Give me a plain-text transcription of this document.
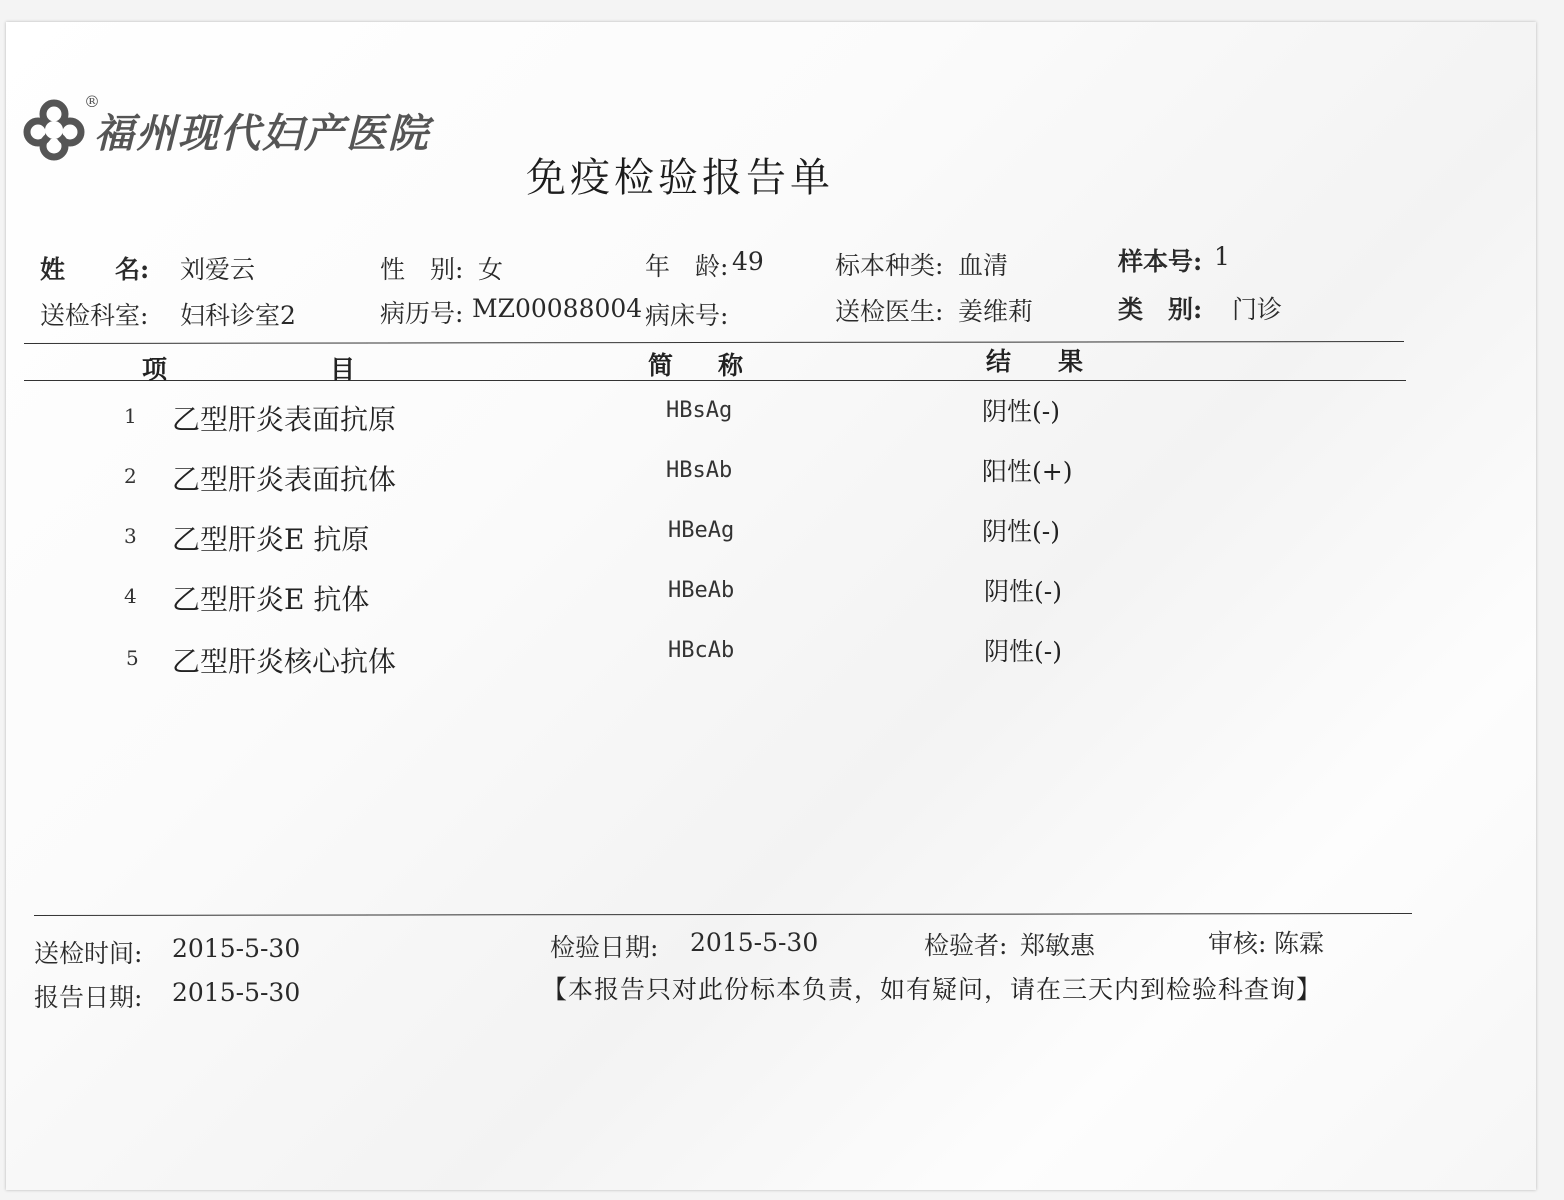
®
福州现代妇产医院
免疫检验报告单
姓　　名: 刘爱云	性　别: 女	年　龄: 49	标本种类: 血清	样本号: 1
送检科室: 妇科诊室2	病历号: MZ00088004 病床号:	送检医生: 姜维莉	类　别: 门诊
项	目	简 称	结 果
1 乙型肝炎表面抗原	HBsAg	阴性(-)
2 乙型肝炎表面抗体	HBsAb	阳性(+)
3 乙型肝炎E 抗原	HBeAg	阴性(-)
4 乙型肝炎E 抗体	HBeAb	阴性(-)
5 乙型肝炎核心抗体	HBcAb	阴性(-)
送检时间: 2015-5-30
报告日期: 2015-5-30
检验日期: 2015-5-30	检验者: 郑敏惠	审核: 陈霖
【本报告只对此份标本负责，如有疑问，请在三天内到检验科查询】
